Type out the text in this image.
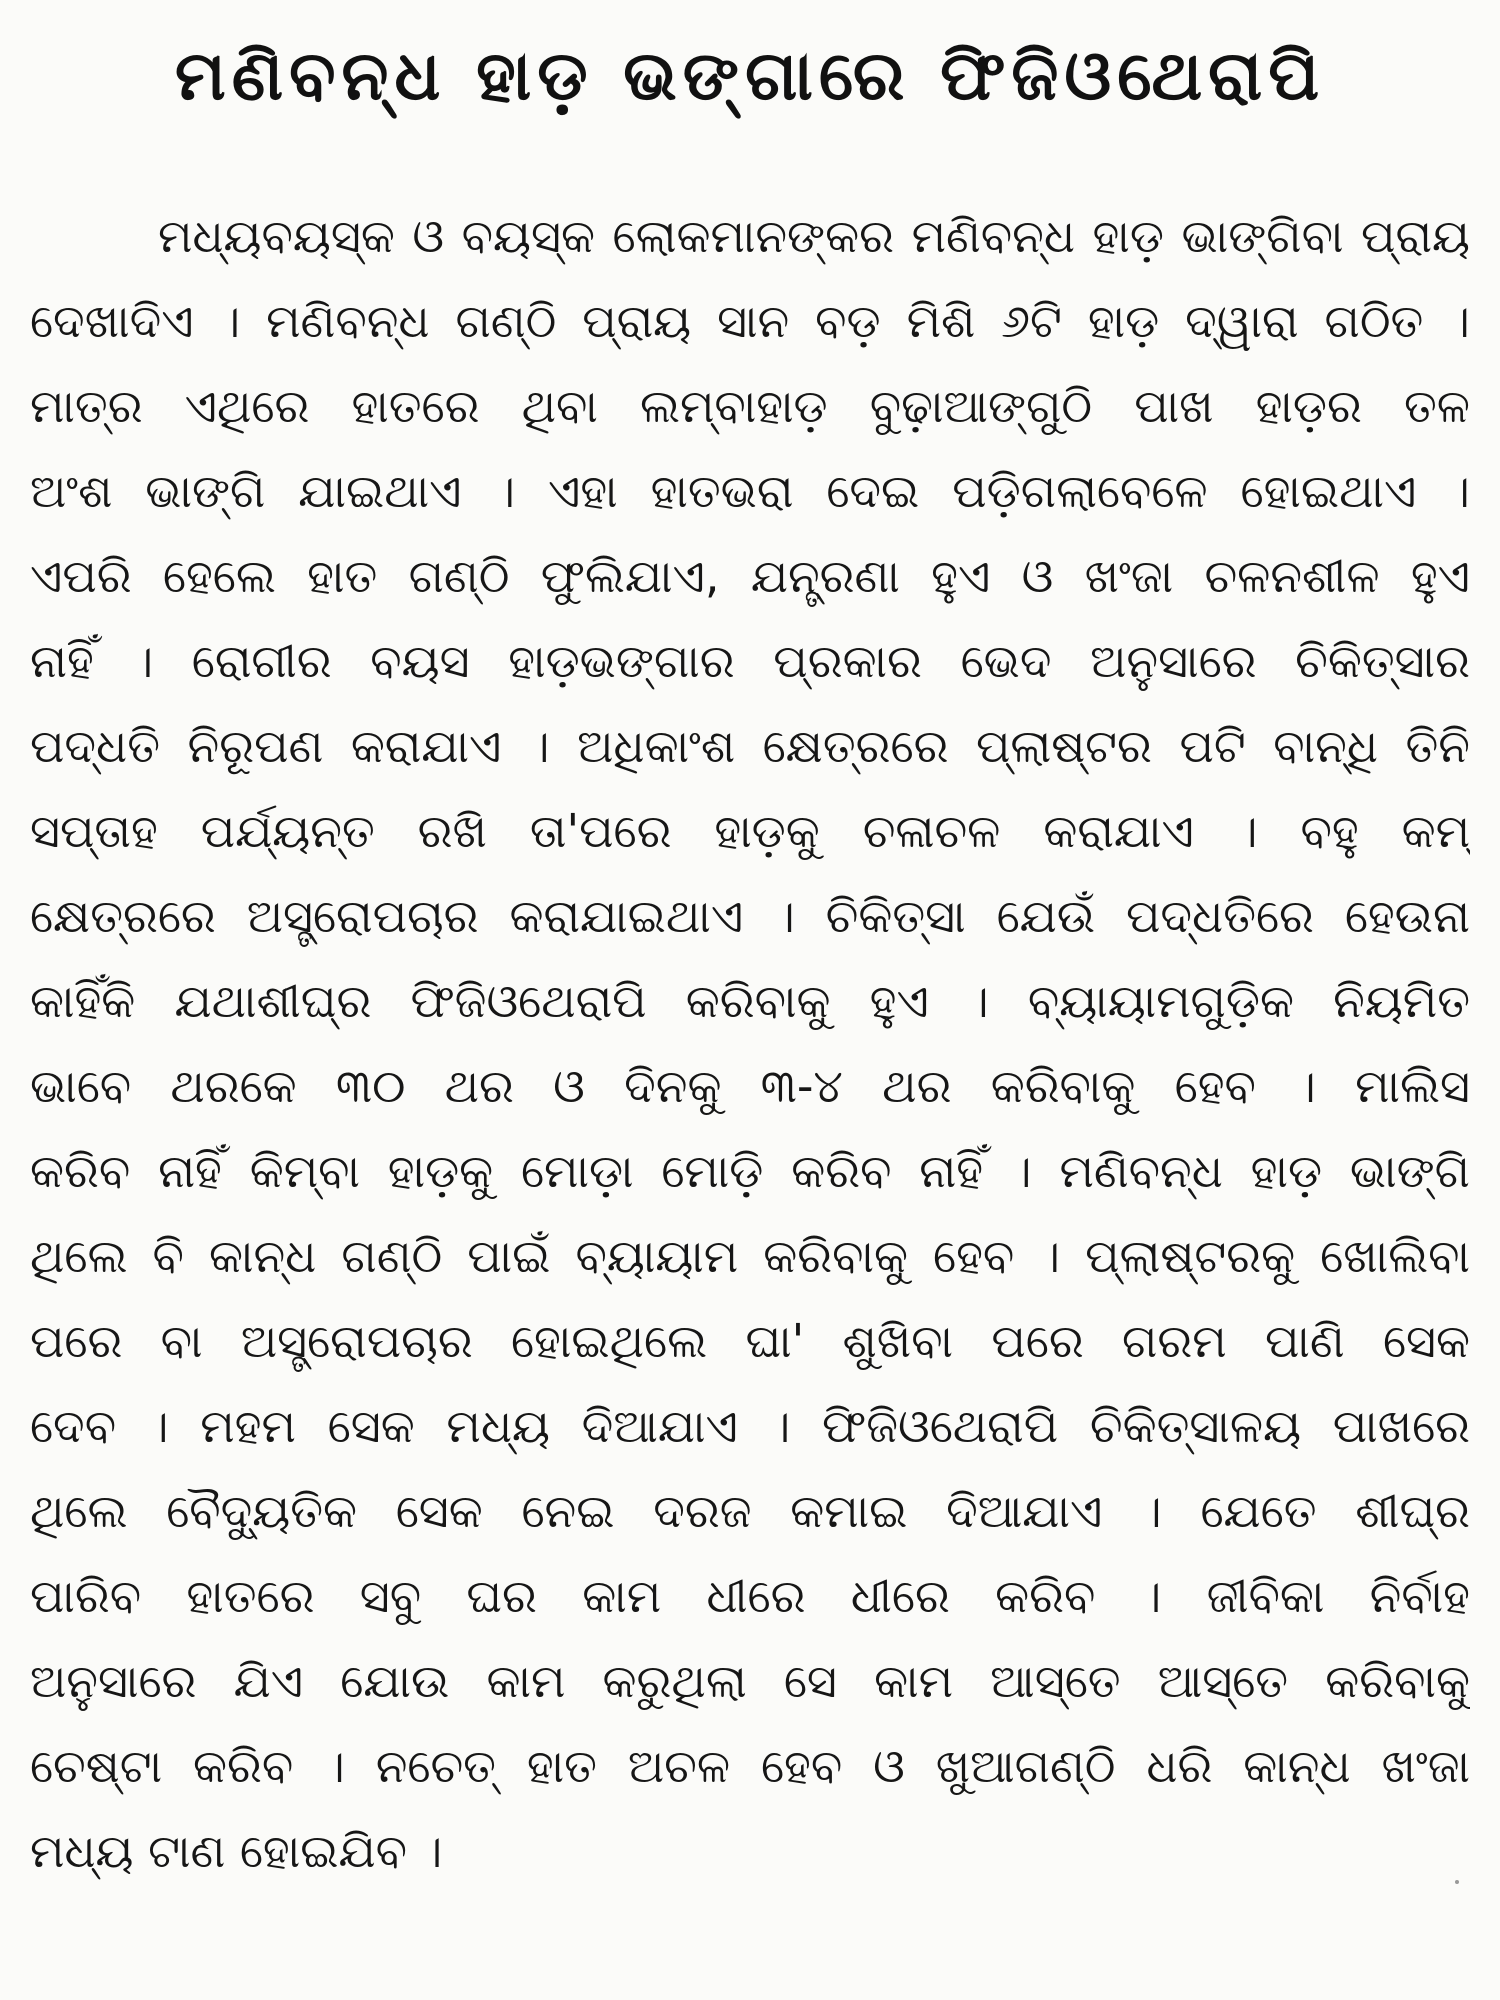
ମଣିବନ୍ଧ ହାଡ଼ ଭଙ୍ଗାରେ ଫିଜିଓଥେରାପି
ମଧ୍ୟବୟସ୍କ ଓ ବୟସ୍କ ଲୋକମାନଙ୍କର ମଣିବନ୍ଧ ହାଡ଼ ଭାଙ୍ଗିବା ପ୍ରାୟ
ଦେଖାଦିଏ । ମଣିବନ୍ଧ ଗଣ୍ଠି ପ୍ରାୟ ସାନ ବଡ଼ ମିଶି ୬ଟି ହାଡ଼ ଦ୍ୱାରା ଗଠିତ ।
ମାତ୍ର ଏଥିରେ ହାତରେ ଥିବା ଲମ୍ବାହାଡ଼ ବୁଢ଼ାଆଙ୍ଗୁଠି ପାଖ ହାଡ଼ର ତଳ
ଅଂଶ ଭାଙ୍ଗି ଯାଇଥାଏ । ଏହା ହାତଭରା ଦେଇ ପଡ଼ିଗଲାବେଳେ ହୋଇଥାଏ ।
ଏପରି ହେଲେ ହାତ ଗଣ୍ଠି ଫୁଲିଯାଏ, ଯନ୍ତ୍ରଣା ହୁଏ ଓ ଖଂଜା ଚଳନଶୀଳ ହୁଏ
ନାହିଁ । ରୋଗୀର ବୟସ ହାଡ଼ଭଙ୍ଗାର ପ୍ରକାର ଭେଦ ଅନୁସାରେ ଚିକିତ୍ସାର
ପଦ୍ଧତି ନିରୂପଣ କରାଯାଏ । ଅଧିକାଂଶ କ୍ଷେତ୍ରରେ ପ୍ଲାଷ୍ଟର ପଟି ବାନ୍ଧି ତିନି
ସପ୍ତାହ ପର୍ଯ୍ୟନ୍ତ ରଖି ତା'ପରେ ହାଡ଼କୁ ଚଳାଚଳ କରାଯାଏ । ବହୁ କମ୍
କ୍ଷେତ୍ରରେ ଅସ୍ତ୍ରୋପଚାର କରାଯାଇଥାଏ । ଚିକିତ୍ସା ଯେଉଁ ପଦ୍ଧତିରେ ହେଉନା
କାହିଁକି ଯଥାଶୀଘ୍ର ଫିଜିଓଥେରାପି କରିବାକୁ ହୁଏ । ବ୍ୟାୟାମଗୁଡ଼ିକ ନିୟମିତ
ଭାବେ ଥରକେ ୩୦ ଥର ଓ ଦିନକୁ ୩-୪ ଥର କରିବାକୁ ହେବ । ମାଲିସ
କରିବ ନାହିଁ କିମ୍ବା ହାଡ଼କୁ ମୋଡ଼ା ମୋଡ଼ି କରିବ ନାହିଁ । ମଣିବନ୍ଧ ହାଡ଼ ଭାଙ୍ଗି
ଥିଲେ ବି କାନ୍ଧ ଗଣ୍ଠି ପାଇଁ ବ୍ୟାୟାମ କରିବାକୁ ହେବ । ପ୍ଲାଷ୍ଟରକୁ ଖୋଲିବା
ପରେ ବା ଅସ୍ତ୍ରୋପଚାର ହୋଇଥିଲେ ଘା' ଶୁଖିବା ପରେ ଗରମ ପାଣି ସେକ
ଦେବ । ମହମ ସେକ ମଧ୍ୟ ଦିଆଯାଏ । ଫିଜିଓଥେରାପି ଚିକିତ୍ସାଳୟ ପାଖରେ
ଥିଲେ ବୈଦ୍ୟୁତିକ ସେକ ନେଇ ଦରଜ କମାଇ ଦିଆଯାଏ । ଯେତେ ଶୀଘ୍ର
ପାରିବ ହାତରେ ସବୁ ଘର କାମ ଧୀରେ ଧୀରେ କରିବ । ଜୀବିକା ନିର୍ବାହ
ଅନୁସାରେ ଯିଏ ଯୋଉ କାମ କରୁଥିଲା ସେ କାମ ଆସ୍ତେ ଆସ୍ତେ କରିବାକୁ
ଚେଷ୍ଟା କରିବ । ନଚେତ୍ ହାତ ଅଚଳ ହେବ ଓ ଖୁଆଗଣ୍ଠି ଧରି କାନ୍ଧ ଖଂଜା
ମଧ୍ୟ ଟାଣ ହୋଇଯିବ ।
